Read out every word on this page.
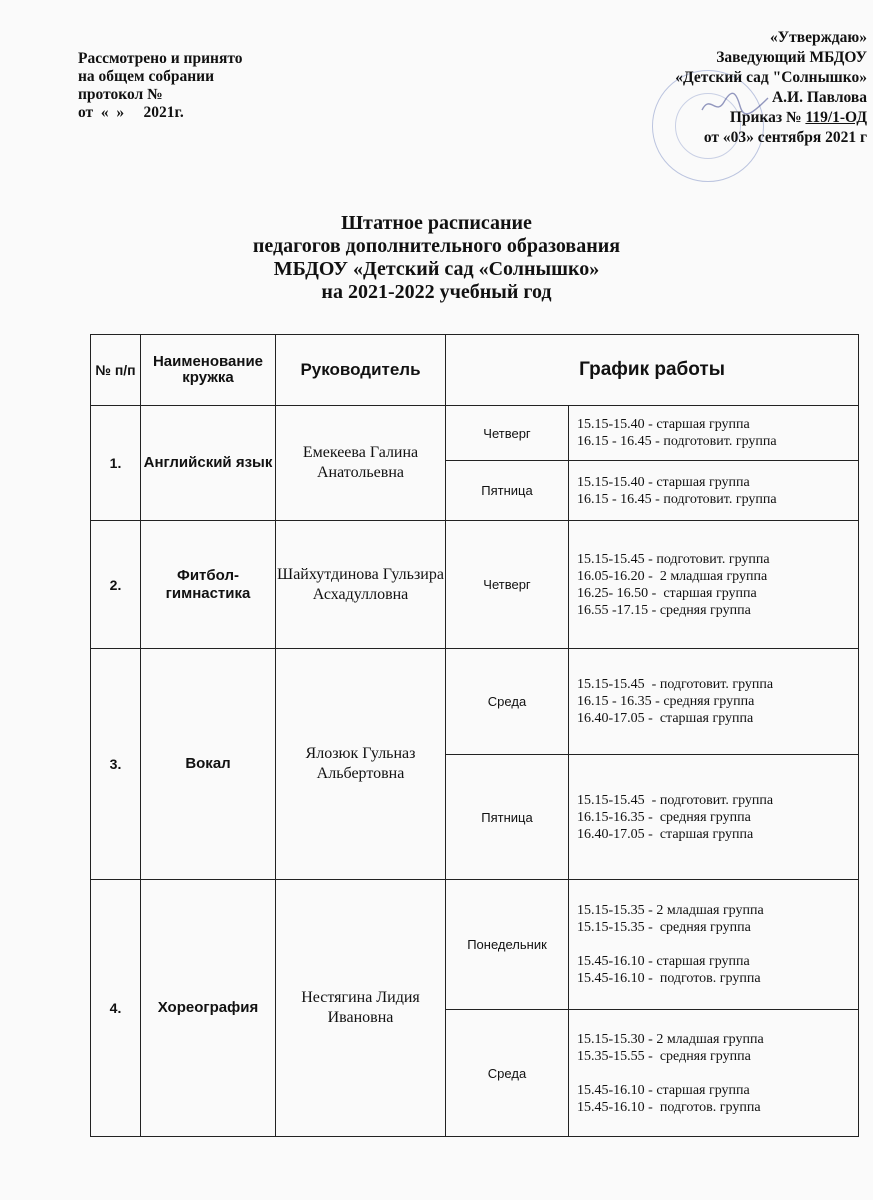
Рассмотрено и принято
на общем собрании
протокол №
от  «  »     2021г.
«Утверждаю»
Заведующий МБДОУ
«Детский сад "Солнышко»
А.И. Павлова
Приказ № 119/1-ОД
от «03» сентября 2021 г
Штатное расписание
педагогов дополнительного образования
МБДОУ «Детский сад «Солнышко»
на 2021-2022 учебный год
№ п/п	Наименование кружка	Руководитель	График работы	
1.	Английский язык	Емекеева Галина Анатольевна	Четверг	15.15-15.40 - старшая группа
16.15 - 16.45 - подготовит. группа

			Пятница	15.15-15.40 - старшая группа
16.15 - 16.45 - подготовит. группа

2.	Фитбол-гимнастика	Шайхутдинова Гульзира Асхадулловна	Четверг	15.15-15.45 - подготовит. группа
16.05-16.20 -  2 младшая группа
16.25- 16.50 -  старшая группа
16.55 -17.15 - средняя группа

3.	Вокал	Ялозюк Гульназ Альбертовна	Среда	15.15-15.45  - подготовит. группа
16.15 - 16.35 - средняя группа
16.40-17.05 -  старшая группа

			Пятница	15.15-15.45  - подготовит. группа
16.15-16.35 -  средняя группа
16.40-17.05 -  старшая группа

4.	Хореография	Нестягина Лидия Ивановна	Понедельник	15.15-15.35 - 2 младшая группа
15.15-15.35 -  средняя группа
15.45-16.10 - старшая группа
15.45-16.10 -  подготов. группа

			Среда	15.15-15.30 - 2 младшая группа
15.35-15.55 -  средняя группа
15.45-16.10 - старшая группа
15.45-16.10 -  подготов. группа
